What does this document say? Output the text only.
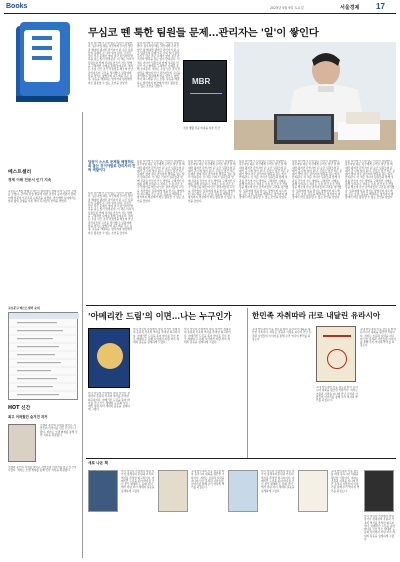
Books	2025년 5월 9일 토요일	서울경제 17
무심코 뗀 툭한 팀원들 문제…관리자는 '일'이 쌓인다
MBR
직장 생활 성공 비결을 다룬 신간
팀장 자리에 오르면 많은 이들이 당황한다. 실무자일 때는 자신에게 주어진 일만 잘 해내면 됐지만 관리자가 된 순간 팀원들의 문제가 곧 나의 일이 된다. 무심코 넘긴 작은 문제가 쌓여 결국 관리자의 발목을 잡는 일이 반복된다. 이 책은 리더가 팀원들과 함께 성과를 만들어 가는 방법을 구체적인 사례를 통해 보여준다. 저자는 수십 년간 조직 컨설팅을 해오며 만난 관리자들의 고민을 정리했다. 팀원에게 일을 맡기는 방법부터 피드백을 주는 요령, 갈등을 해결하는 방식까지 현장에서 바로 활용할 수 있는 조언을 담았다.
팀장 자리에 오르면 많은 이들이 당황한다. 실무자일 때는 자신에게 주어진 일만 잘 해내면 됐지만 관리자가 된 순간 팀원들의 문제가 곧 나의 일이 된다. 무심코 넘긴 작은 문제가 쌓여 결국 관리자의 발목을 잡는 일이 반복된다. 이 책은 리더가 팀원들과 함께 성과를 만들어 가는 방법을 구체적인 사례를 통해 보여준다. 저자는 수십 년간 조직 컨설팅을 해오며 만난 관리자들의 고민을 정리했다. 팀원에게 일을 맡기는 방법부터 피드백을 주는 요령, 갈등을 해결하는 방식까지 현장에서 바로 활용할 수 있는 조언을 담았다.
팀원이 스스로 문제를 해결하도록 돕는 것이야말로 관리자의 진짜 역할이다
팀장 자리에 오르면 많은 이들이 당황한다. 실무자일 때는 자신에게 주어진 일만 잘 해내면 됐지만 관리자가 된 순간 팀원들의 문제가 곧 나의 일이 된다. 무심코 넘긴 작은 문제가 쌓여 결국 관리자의 발목을 잡는 일이 반복된다. 이 책은 리더가 팀원들과 함께 성과를 만들어 가는 방법을 구체적인 사례를 통해 보여준다. 저자는 수십 년간 조직 컨설팅을 해오며 만난 관리자들의 고민을 정리했다. 팀원에게 일을 맡기는 방법부터 피드백을 주는 요령, 갈등을 해결하는 방식까지 현장에서 바로 활용할 수 있는 조언을 담았다.
팀장 자리에 오르면 많은 이들이 당황한다. 실무자일 때는 자신에게 주어진 일만 잘 해내면 됐지만 관리자가 된 순간 팀원들의 문제가 곧 나의 일이 된다. 무심코 넘긴 작은 문제가 쌓여 결국 관리자의 발목을 잡는 일이 반복된다. 이 책은 리더가 팀원들과 함께 성과를 만들어 가는 방법을 구체적인 사례를 통해 보여준다. 저자는 수십 년간 조직 컨설팅을 해오며 만난 관리자들의 고민을 정리했다. 팀원에게 일을 맡기는 방법부터 피드백을 주는 요령, 갈등을 해결하는 방식까지 현장에서 바로 활용할 수 있는 조언을 담았다.
팀장 자리에 오르면 많은 이들이 당황한다. 실무자일 때는 자신에게 주어진 일만 잘 해내면 됐지만 관리자가 된 순간 팀원들의 문제가 곧 나의 일이 된다. 무심코 넘긴 작은 문제가 쌓여 결국 관리자의 발목을 잡는 일이 반복된다. 이 책은 리더가 팀원들과 함께 성과를 만들어 가는 방법을 구체적인 사례를 통해 보여준다. 저자는 수십 년간 조직 컨설팅을 해오며 만난 관리자들의 고민을 정리했다. 팀원에게 일을 맡기는 방법부터 피드백을 주는 요령, 갈등을 해결하는 방식까지 현장에서 바로 활용할 수 있는 조언을 담았다.
팀장 자리에 오르면 많은 이들이 당황한다. 실무자일 때는 자신에게 주어진 일만 잘 해내면 됐지만 관리자가 된 순간 팀원들의 문제가 곧 나의 일이 된다. 무심코 넘긴 작은 문제가 쌓여 결국 관리자의 발목을 잡는 일이 반복된다. 이 책은 리더가 팀원들과 함께 성과를 만들어 가는 방법을 구체적인 사례를 통해 보여준다. 저자는 수십 년간 조직 컨설팅을 해오며 만난 관리자들의 고민을 정리했다. 팀원에게 일을 맡기는 방법부터 피드백을 주는 요령, 갈등을 해결하는 방식까지 현장에서 바로 활용할 수 있는 조언을 담았다.
팀장 자리에 오르면 많은 이들이 당황한다. 실무자일 때는 자신에게 주어진 일만 잘 해내면 됐지만 관리자가 된 순간 팀원들의 문제가 곧 나의 일이 된다. 무심코 넘긴 작은 문제가 쌓여 결국 관리자의 발목을 잡는 일이 반복된다. 이 책은 리더가 팀원들과 함께 성과를 만들어 가는 방법을 구체적인 사례를 통해 보여준다. 저자는 수십 년간 조직 컨설팅을 해오며 만난 관리자들의 고민을 정리했다. 팀원에게 일을 맡기는 방법부터 피드백을 주는 요령, 갈등을 해결하는 방식까지 현장에서 바로 활용할 수 있는 조언을 담았다.
팀장 자리에 오르면 많은 이들이 당황한다. 실무자일 때는 자신에게 주어진 일만 잘 해내면 됐지만 관리자가 된 순간 팀원들의 문제가 곧 나의 일이 된다. 무심코 넘긴 작은 문제가 쌓여 결국 관리자의 발목을 잡는 일이 반복된다. 이 책은 리더가 팀원들과 함께 성과를 만들어 가는 방법을 구체적인 사례를 통해 보여준다. 저자는 수십 년간 조직 컨설팅을 해오며 만난 관리자들의 고민을 정리했다. 팀원에게 일을 맡기는 방법부터 피드백을 주는 요령, 갈등을 해결하는 방식까지 현장에서 바로 활용할 수 있는 조언을 담았다.
베스트셀러
경제 이해 전문서 인기 지속
교보문고 5월 첫째 주 베스트셀러에서 경제 분야 도서가 강세를 보였다. 금리와 환율 변동에 대한 관심이 높아지면서 경제 이해 입문서가 꾸준히 순위권을 지켰다. 자기계발 분야에서는 일과 삶의 균형을 다룬 책이 독자들의 선택을 받았다.
교보문고 베스트셀러 순위
HOT 신간
최고 어려웠던 숨겨진 과거
전쟁과 분단의 시대를 살아온 사람들의 이야기를 담은 신간이 나왔다. 저자는 오랜 취재를 통해 잊힌 기록을 되살렸다.
전쟁과 분단의 시대를 살아온 사람들의 이야기를 담은 신간이 나왔다. 저자는 오랜 취재를 통해 잊힌 기록을 되살렸다.
'아메리칸 드림'의 이면…나는 누구인가	한민족 자취따라 卍로 내달린 유라시아
미국 이민자 가정에서 자란 작가가 정체성의 혼란과 가족의 역사를 추적한 회고록이다. 아메리칸 드림을 좇아 바다를 건넌 부모 세대와 두 문화 사이에서 자란 자녀 세대의 갈등을 섬세하게 그렸다.
미국 이민자 가정에서 자란 작가가 정체성의 혼란과 가족의 역사를 추적한 회고록이다. 아메리칸 드림을 좇아 바다를 건넌 부모 세대와 두 문화 사이에서 자란 자녀 세대의 갈등을 섬세하게 그렸다.
미국 이민자 가정에서 자란 작가가 정체성의 혼란과 가족의 역사를 추적한 회고록이다. 아메리칸 드림을 좇아 바다를 건넌 부모 세대와 두 문화 사이에서 자란 자녀 세대의 갈등을 섬세하게 그렸다.
고대 한민족의 이동 경로를 따라 유라시아 대륙을 횡단한 기록이다. 저자는 초원과 사막을 지나며 만난 유적과 사람들의 이야기를 통해 우리 역사의 뿌리를 되짚는다.
고대 한민족의 이동 경로를 따라 유라시아 대륙을 횡단한 기록이다. 저자는 초원과 사막을 지나며 만난 유적과 사람들의 이야기를 통해 우리 역사의 뿌리를 되짚는다.
고대 한민족의 이동 경로를 따라 유라시아 대륙을 횡단한 기록이다. 저자는 초원과 사막을 지나며 만난 유적과 사람들의 이야기를 통해 우리 역사의 뿌리를 되짚는다.
새로 나온 책
미국 이민자 가정에서 자란 작가가 정체성의 혼란과 가족의 역사를 추적한 회고록이다. 아메리칸 드림을 좇아 바다를 건넌 부모 세대와 두 문화 사이에서 자란 자녀 세대의 갈등을 섬세하게 그렸다.
고대 한민족의 이동 경로를 따라 유라시아 대륙을 횡단한 기록이다. 저자는 초원과 사막을 지나며 만난 유적과 사람들의 이야기를 통해 우리 역사의 뿌리를 되짚는다.
미국 이민자 가정에서 자란 작가가 정체성의 혼란과 가족의 역사를 추적한 회고록이다. 아메리칸 드림을 좇아 바다를 건넌 부모 세대와 두 문화 사이에서 자란 자녀 세대의 갈등을 섬세하게 그렸다.
고대 한민족의 이동 경로를 따라 유라시아 대륙을 횡단한 기록이다. 저자는 초원과 사막을 지나며 만난 유적과 사람들의 이야기를 통해 우리 역사의 뿌리를 되짚는다.
미국 이민자 가정에서 자란 작가가 정체성의 혼란과 가족의 역사를 추적한 회고록이다. 아메리칸 드림을 좇아 바다를 건넌 부모 세대와 두 문화 사이에서 자란 자녀 세대의 갈등을 섬세하게 그렸다.
